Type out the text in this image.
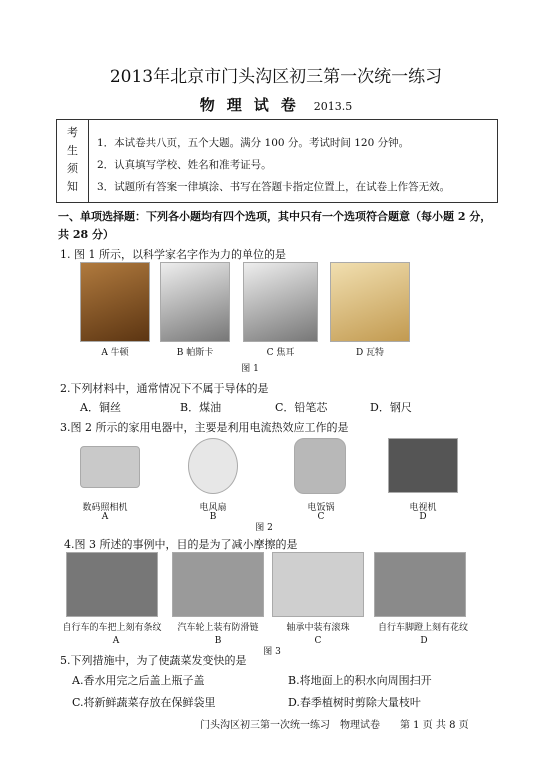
2013年北京市门头沟区初三第一次统一练习
物理试卷 2013.5
考
生
须
知
1．本试卷共八页，五个大题。满分 100 分。考试时间 120 分钟。
2．认真填写学校、姓名和准考证号。
3．试题所有答案一律填涂、书写在答题卡指定位置上，在试卷上作答无效。
一、单项选择题：下列各小题均有四个选项，其中只有一个选项符合题意（每小题 2 分，
共 28 分）
1. 图 1 所示，以科学家名字作为力的单位的是
A 牛顿	B 帕斯卡	C 焦耳	D 瓦特
图 1
2.下列材料中，通常情况下不属于导体的是
A．铜丝	B．煤油	C．铅笔芯	D．钢尺
3.图 2 所示的家用电器中，主要是利用电流热效应工作的是
数码照相机	电风扇	电饭锅	电视机
A	B	C	D
图 2
4.图 3 所述的事例中，目的是为了减小摩擦的是
自行车的车把上刻有条纹	汽车轮上装有防滑链	轴承中装有滚珠	自行车脚蹬上刻有花纹
A	B	C	D
图 3
5.下列措施中，为了使蔬菜发变快的是
A.香水用完之后盖上瓶子盖	B.将地面上的积水向周围扫开
C.将新鲜蔬菜存放在保鲜袋里	D.春季植树时剪除大量枝叶
门头沟区初三第一次统一练习　物理试卷 第 1 页 共 8 页
